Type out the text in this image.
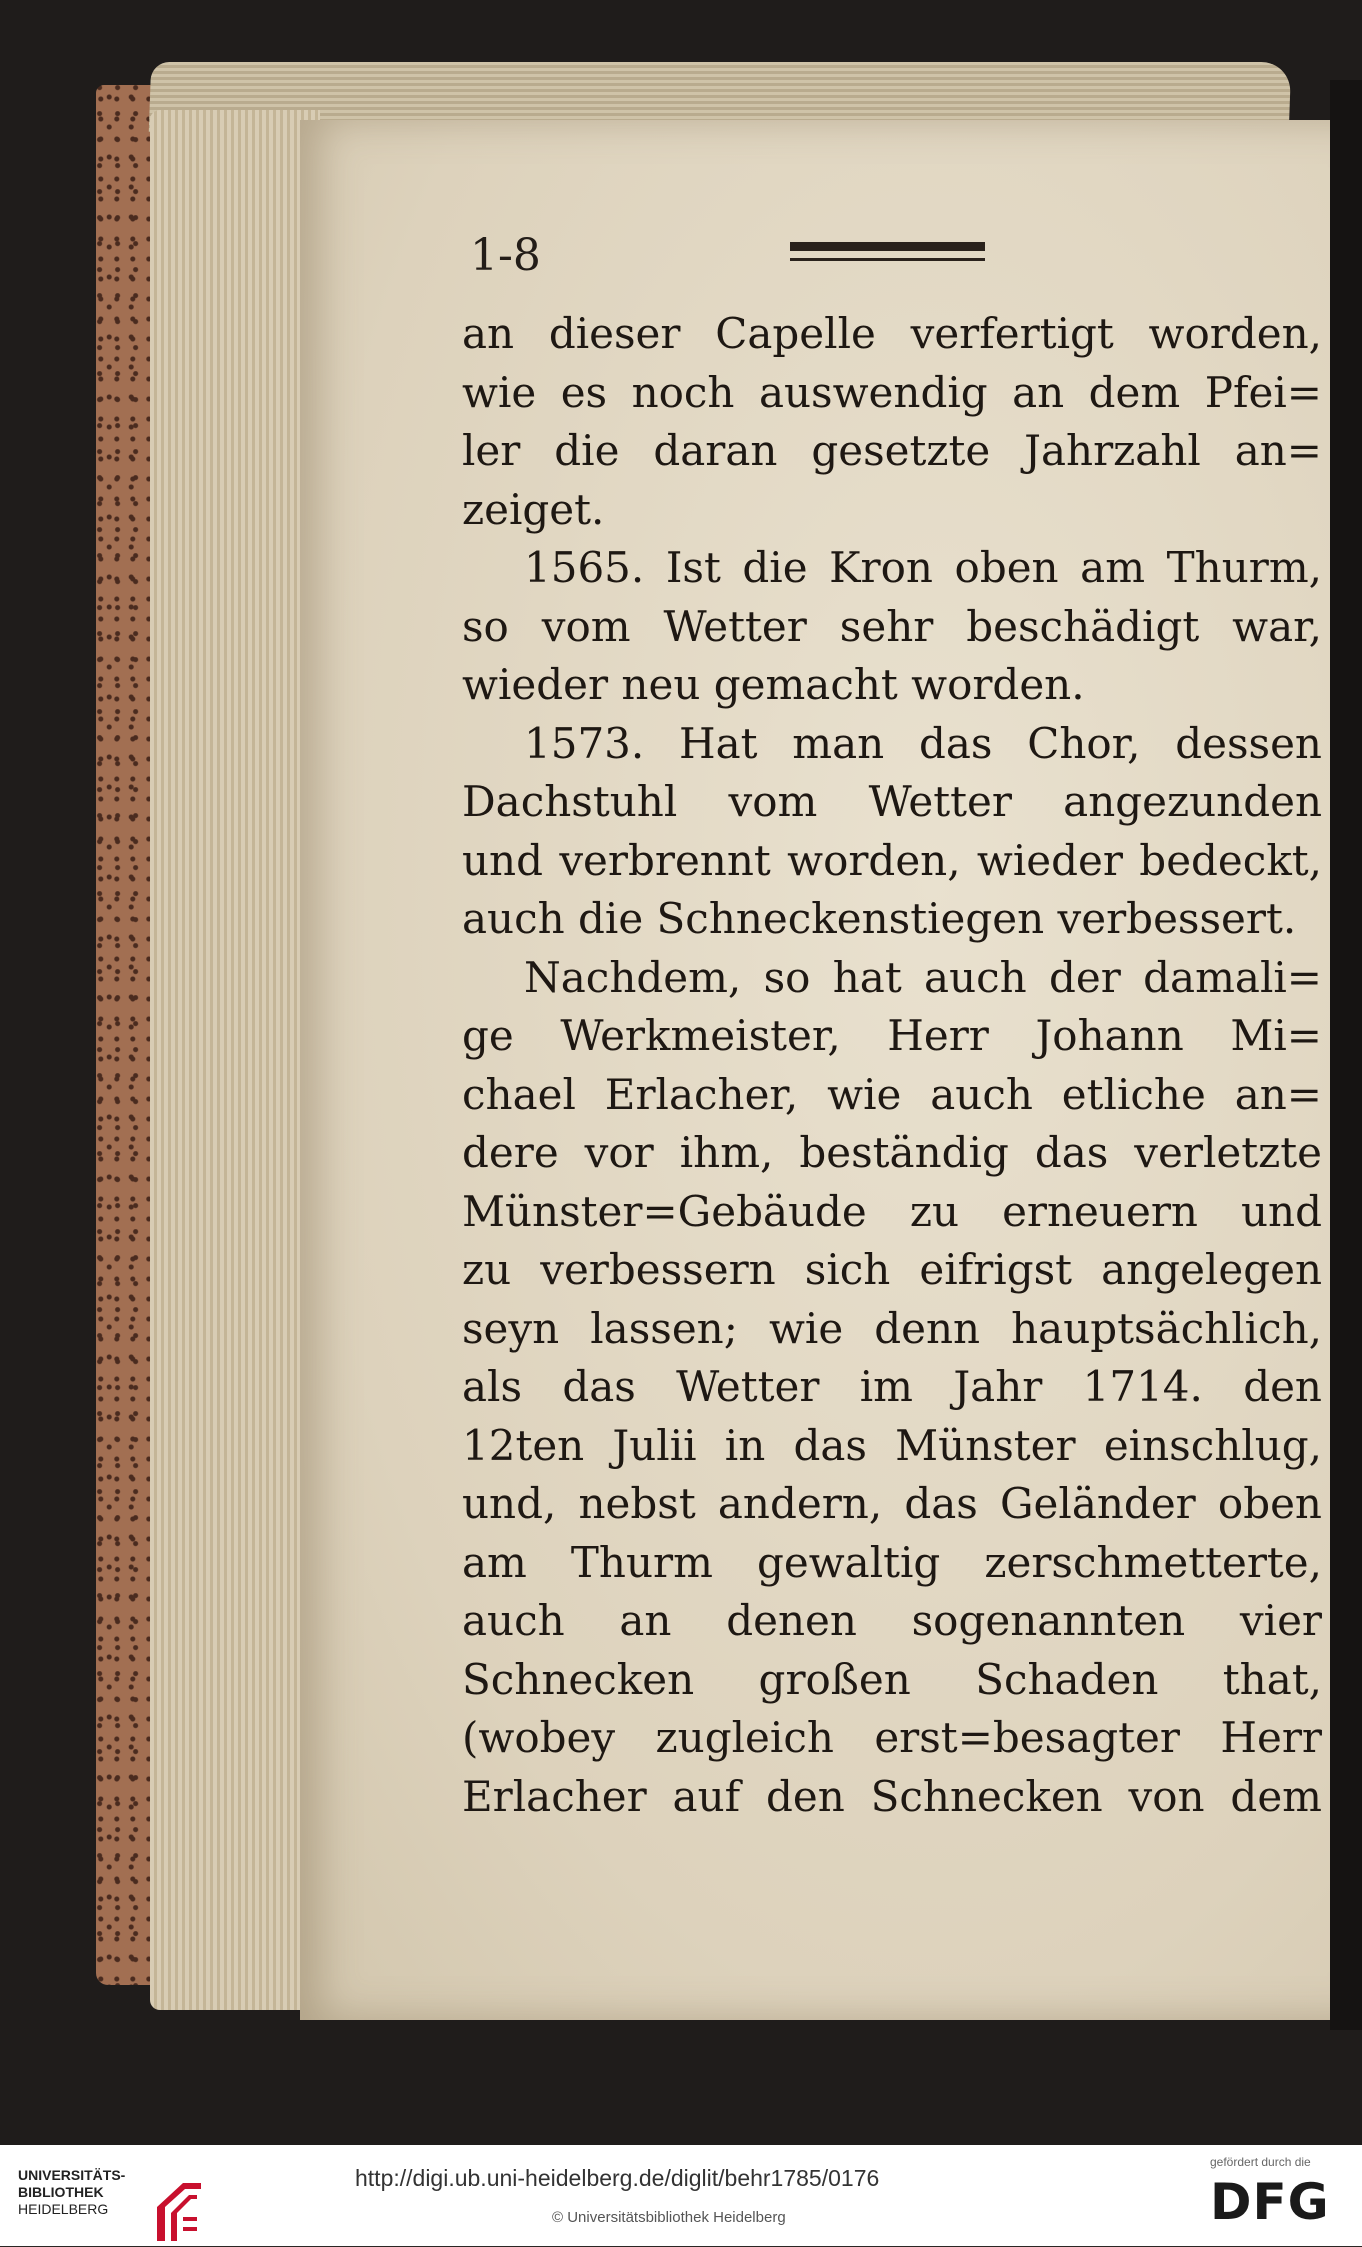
1-8
an dieser Capelle verfertigt worden,
wie es noch auswendig an dem Pfei=
ler die daran gesetzte Jahrzahl an=
zeiget.
1565. Ist die Kron oben am Thurm,
so vom Wetter sehr beschädigt war,
wieder neu gemacht worden.
1573. Hat man das Chor, dessen
Dachstuhl vom Wetter angezunden
und verbrennt worden, wieder bedeckt,
auch die Schneckenstiegen verbessert.
Nachdem, so hat auch der damali=
ge Werkmeister, Herr Johann Mi=
chael Erlacher, wie auch etliche an=
dere vor ihm, beständig das verletzte
Münster=Gebäude zu erneuern und
zu verbessern sich eifrigst angelegen
seyn lassen; wie denn hauptsächlich,
als das Wetter im Jahr 1714. den
12ten Julii in das Münster einschlug,
und, nebst andern, das Geländer oben
am Thurm gewaltig zerschmetterte,
auch an denen sogenannten vier
Schnecken großen Schaden that,
(wobey zugleich erst=besagter Herr
Erlacher auf den Schnecken von dem
UNIVERSITÄTS-
BIBLIOTHEK
HEIDELBERG
http://digi.ub.uni-heidelberg.de/diglit/behr1785/0176
© Universitätsbibliothek Heidelberg
gefördert durch die
DFG
